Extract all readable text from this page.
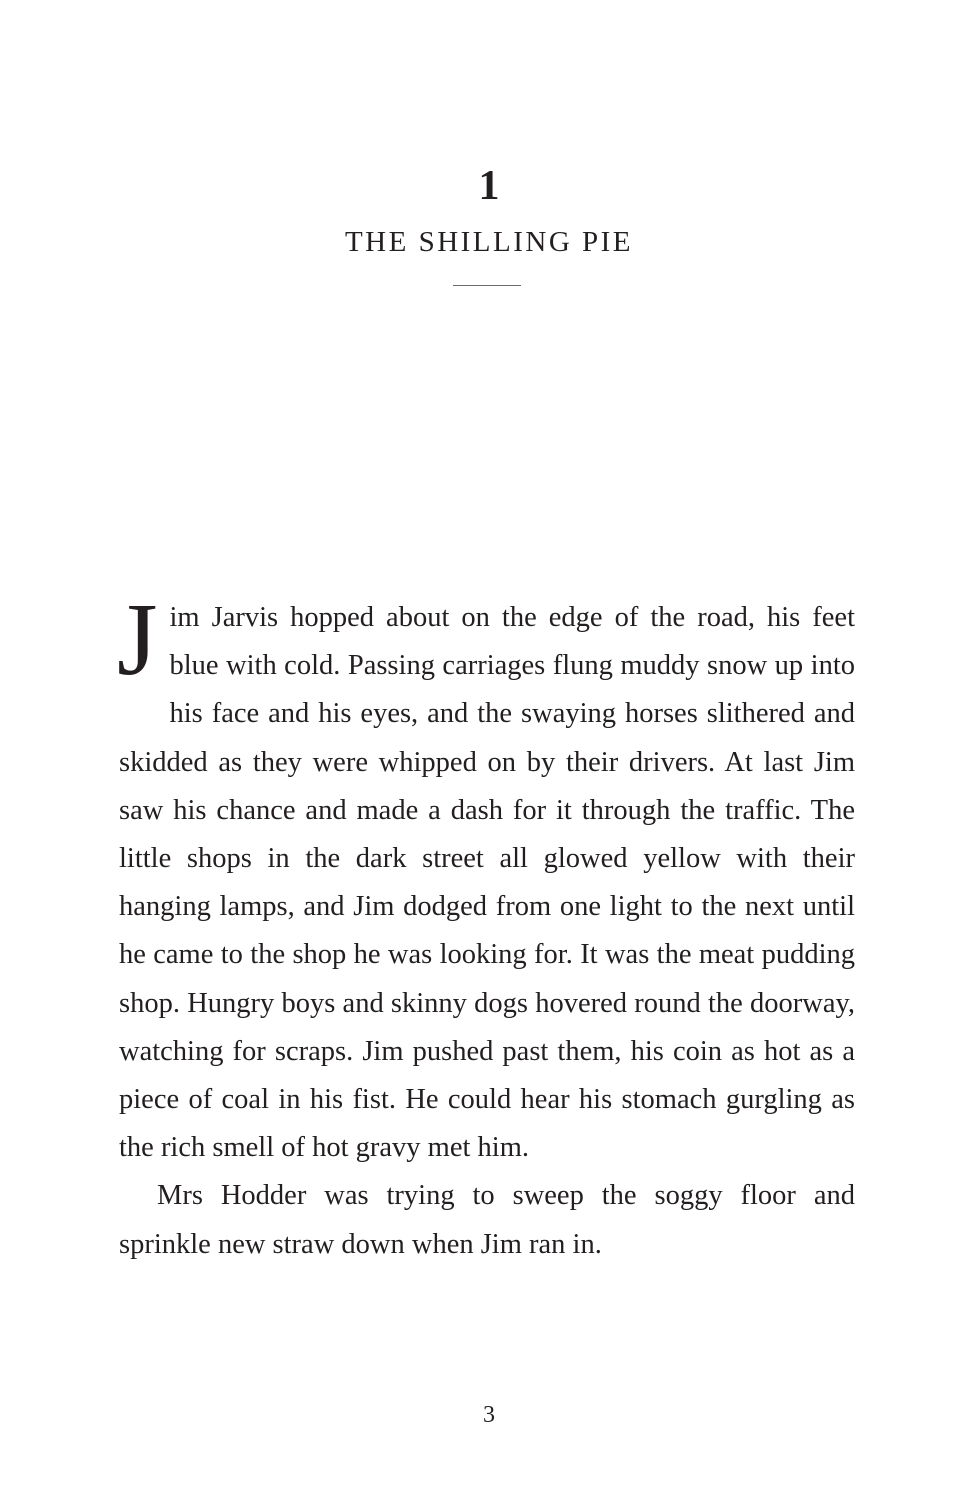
1
THE SHILLING PIE

Jim Jarvis hopped about on the edge of the road, his feet blue with cold. Passing carriages flung muddy snow up into his face and his eyes, and the swaying horses slithered and skidded as they were whipped on by their drivers. At last Jim saw his chance and made a dash for it through the traffic. The little shops in the dark street all glowed yellow with their hanging lamps, and Jim dodged from one light to the next until he came to the shop he was looking for. It was the meat pudding shop. Hungry boys and skinny dogs hovered round the doorway, watching for scraps. Jim pushed past them, his coin as hot as a piece of coal in his fist. He could hear his stomach gurgling as the rich smell of hot gravy met him.

Mrs Hodder was trying to sweep the soggy floor and sprinkle new straw down when Jim ran in.

3
